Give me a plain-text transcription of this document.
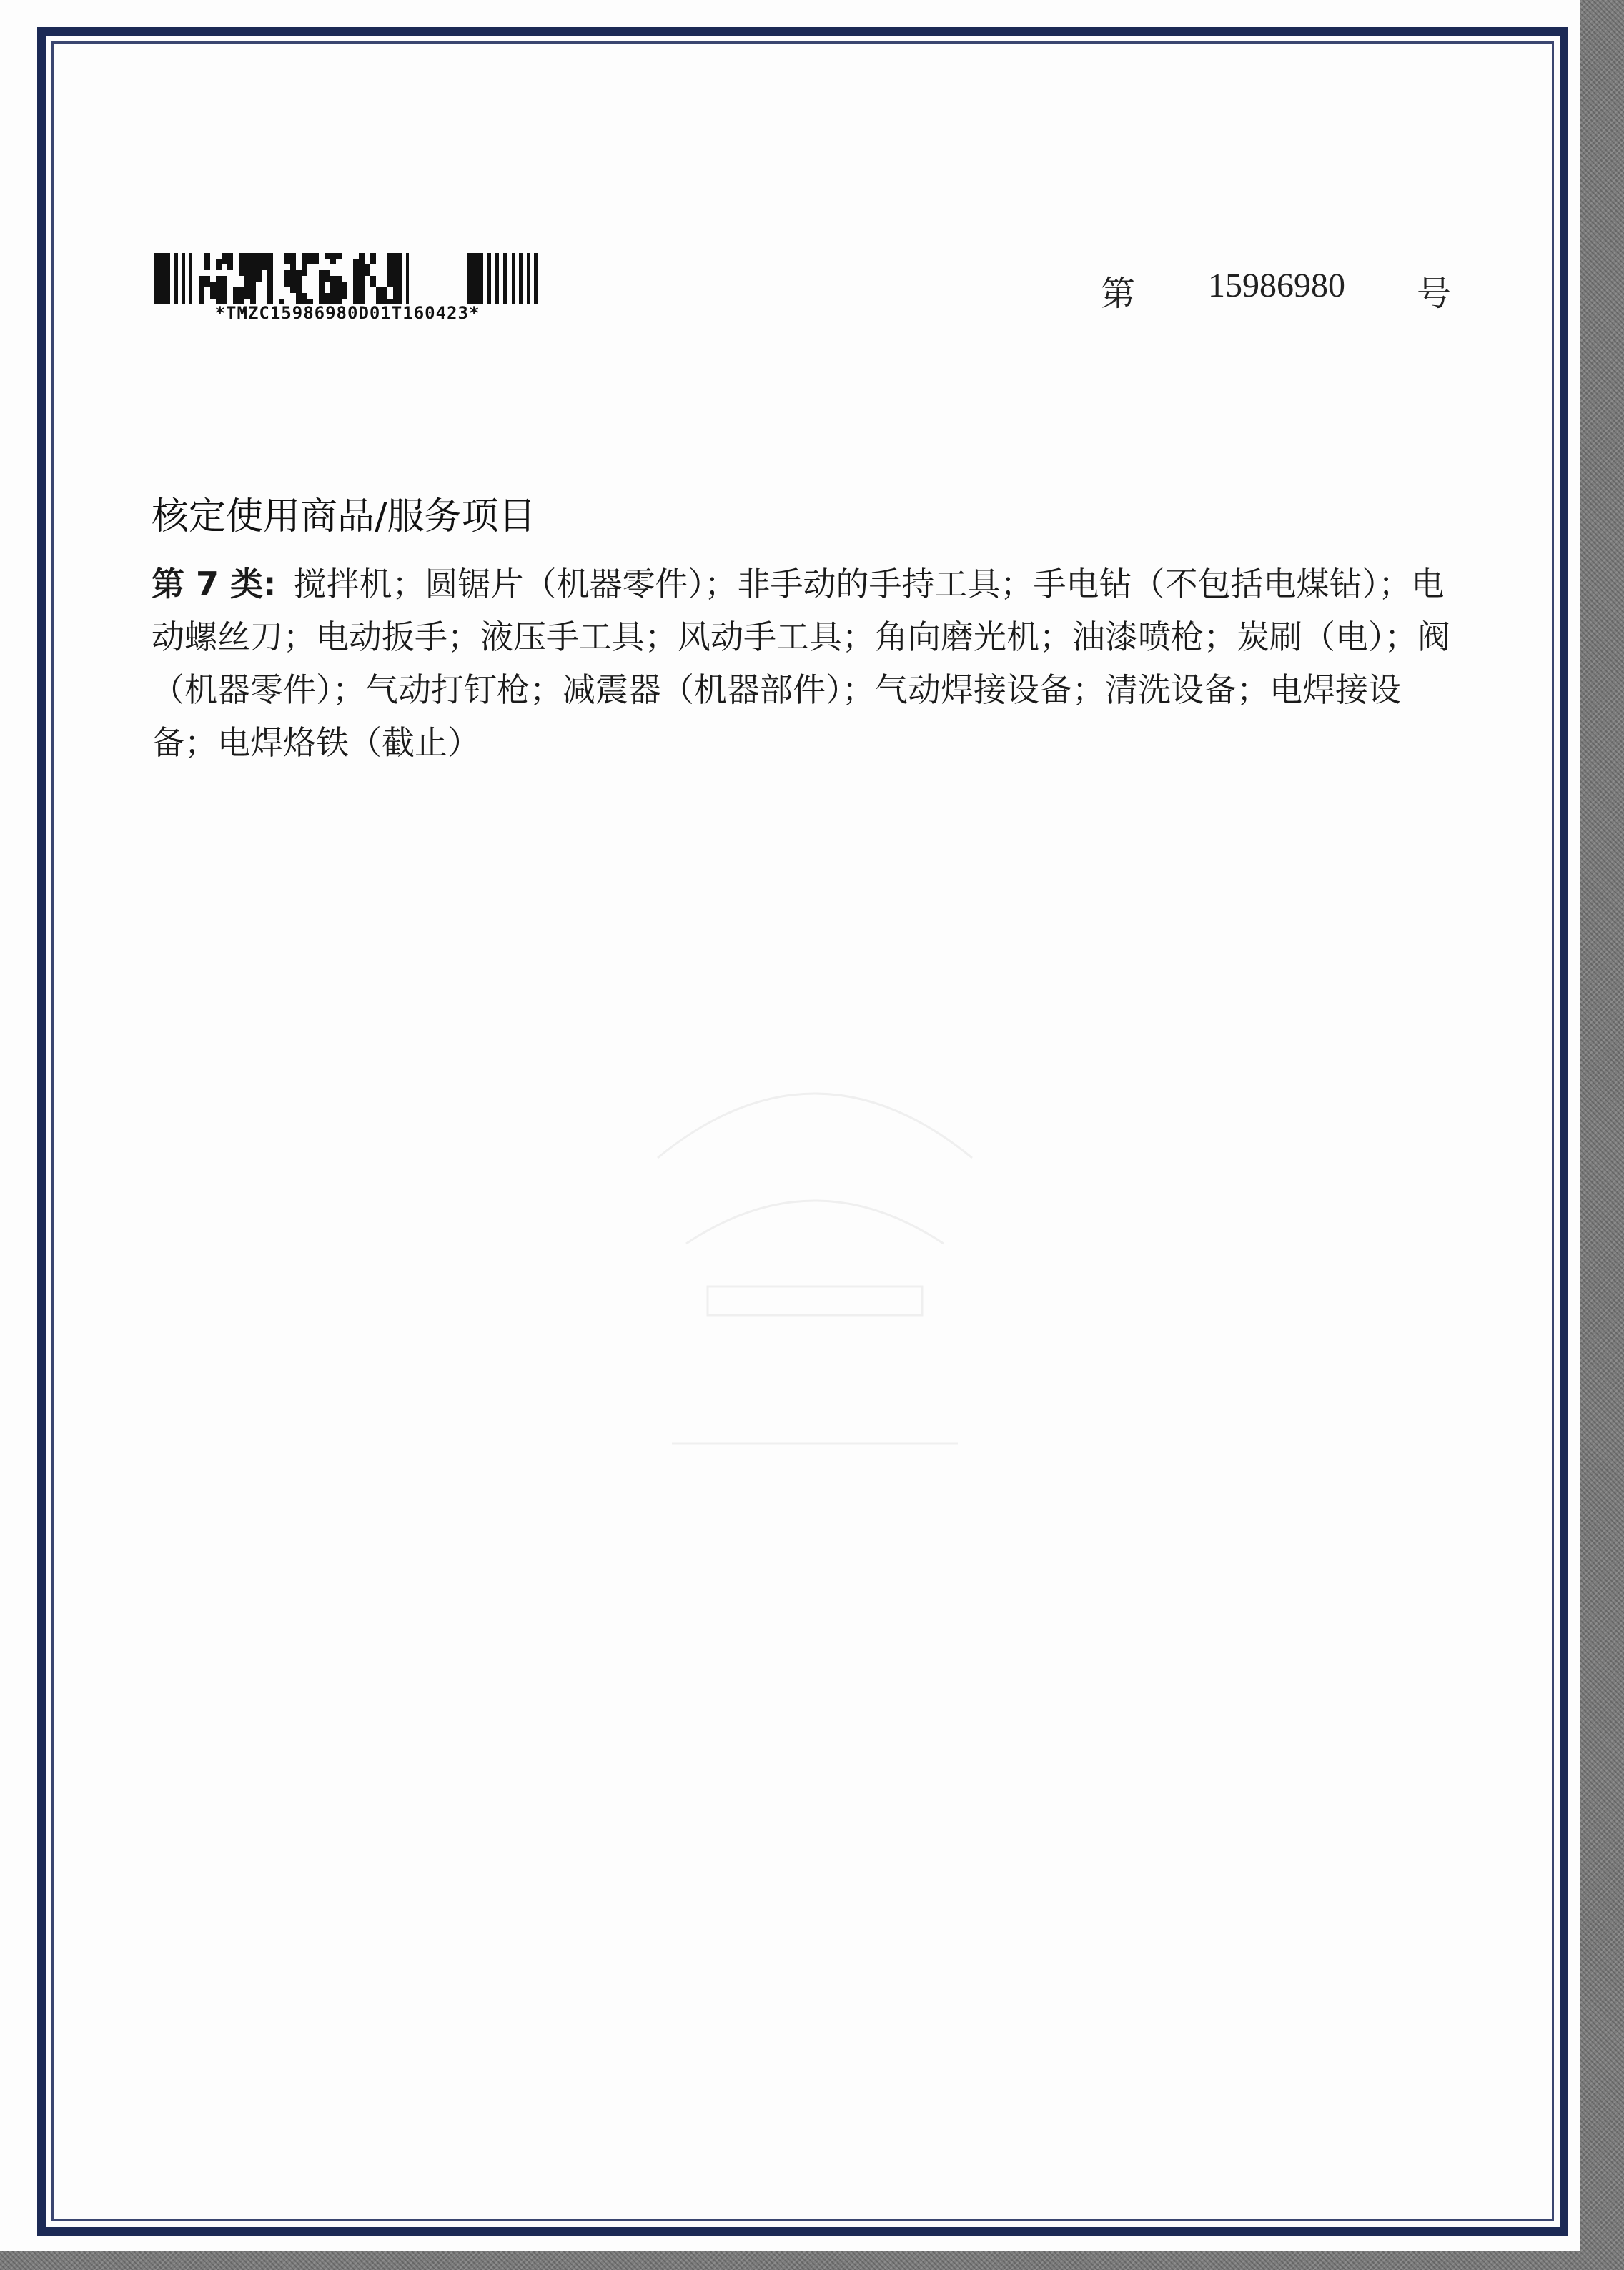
*TMZC15986980D01T160423*	第 15986980 号
核定使用商品/服务项目

第 7 类: 搅拌机；圆锯片（机器零件）；非手动的手持工具；手电钻（不包括电煤钻）；电动螺丝刀；电动扳手；液压手工具；风动手工具；角向磨光机；油漆喷枪；炭刷（电）；阀（机器零件）；气动打钉枪；减震器（机器部件）；气动焊接设备；清洗设备；电焊接设备；电焊烙铁（截止）
